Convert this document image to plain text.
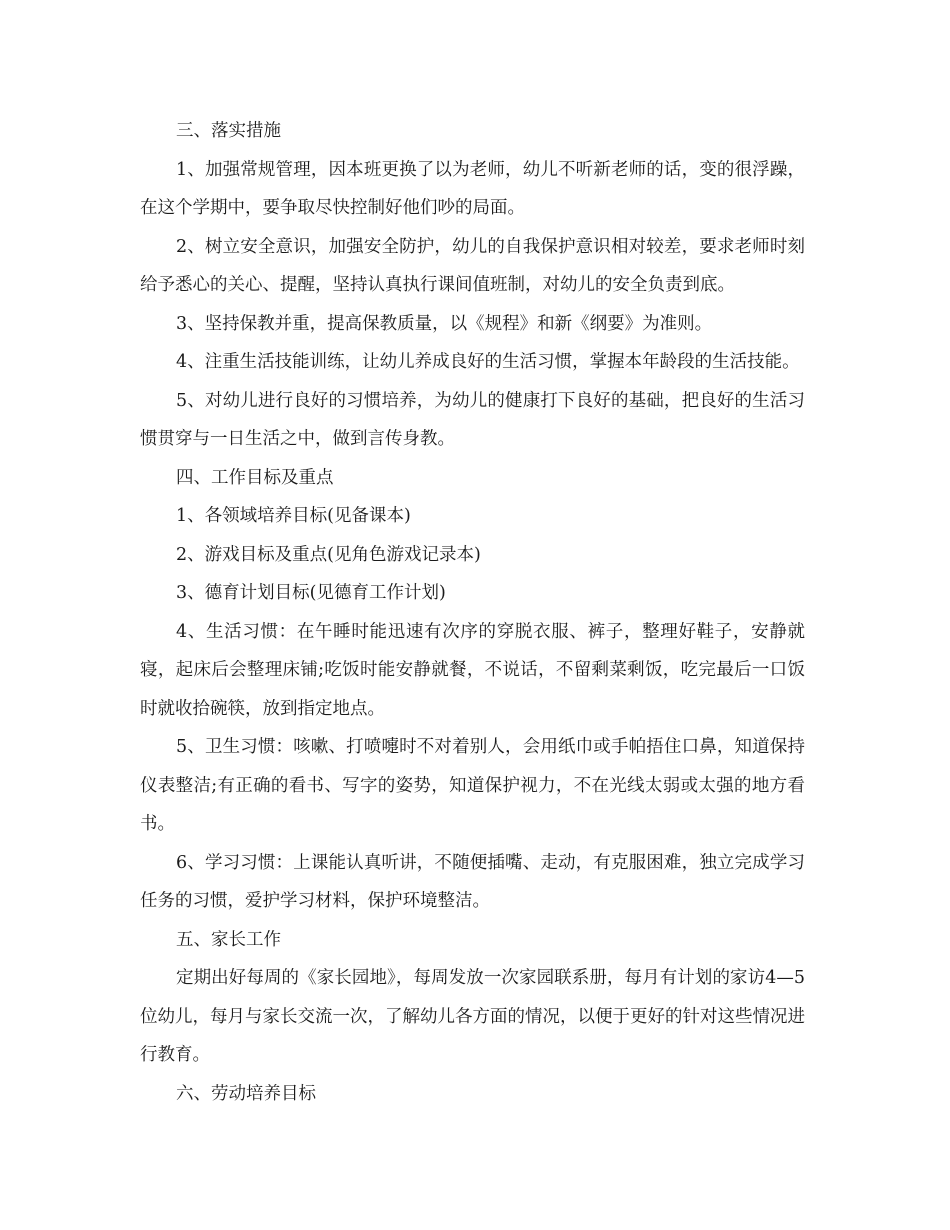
三、落实措施

1、加强常规管理，因本班更换了以为老师，幼儿不听新老师的话，变的很浮躁，在这个学期中，要争取尽快控制好他们吵的局面。

2、树立安全意识，加强安全防护，幼儿的自我保护意识相对较差，要求老师时刻给予悉心的关心、提醒，坚持认真执行课间值班制，对幼儿的安全负责到底。

3、坚持保教并重，提高保教质量，以《规程》和新《纲要》为准则。

4、注重生活技能训练，让幼儿养成良好的生活习惯，掌握本年龄段的生活技能。

5、对幼儿进行良好的习惯培养，为幼儿的健康打下良好的基础，把良好的生活习惯贯穿与一日生活之中，做到言传身教。

四、工作目标及重点

1、各领域培养目标(见备课本)

2、游戏目标及重点(见角色游戏记录本)

3、德育计划目标(见德育工作计划)

4、生活习惯：在午睡时能迅速有次序的穿脱衣服、裤子，整理好鞋子，安静就寝，起床后会整理床铺;吃饭时能安静就餐，不说话，不留剩菜剩饭，吃完最后一口饭时就收拾碗筷，放到指定地点。

5、卫生习惯：咳嗽、打喷嚏时不对着别人，会用纸巾或手帕捂住口鼻，知道保持仪表整洁;有正确的看书、写字的姿势，知道保护视力，不在光线太弱或太强的地方看书。

6、学习习惯：上课能认真听讲，不随便插嘴、走动，有克服困难，独立完成学习任务的习惯，爱护学习材料，保护环境整洁。

五、家长工作

定期出好每周的《家长园地》，每周发放一次家园联系册，每月有计划的家访4—5位幼儿，每月与家长交流一次，了解幼儿各方面的情况，以便于更好的针对这些情况进行教育。

六、劳动培养目标
